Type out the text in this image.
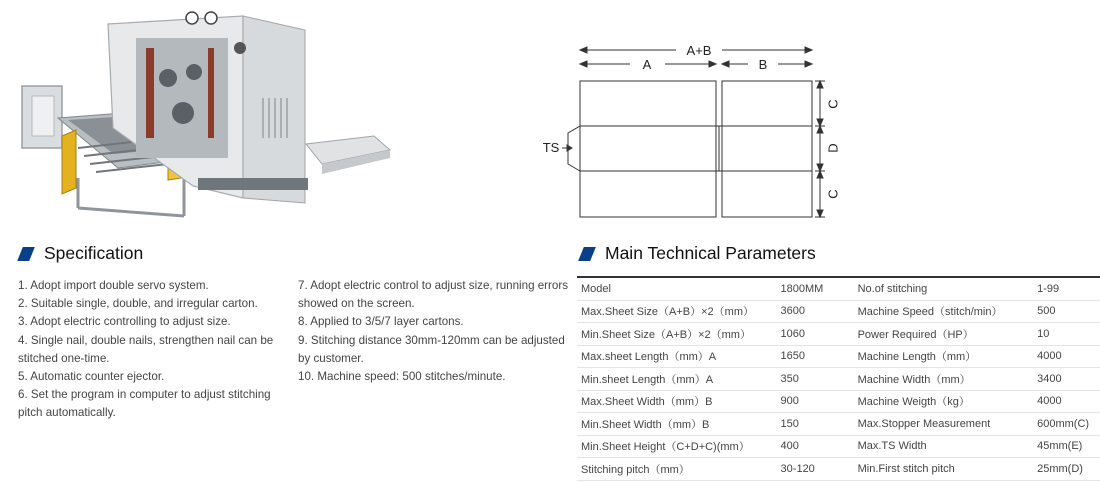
A+B
A	B
TS
C
D
C
Specification	Main Technical Parameters
1. Adopt import double servo system.
2. Suitable single, double, and irregular carton.
3. Adopt electric controlling to adjust size.
4. Single nail, double nails, strengthen nail can be
stitched one-time.
5. Automatic counter ejector.
6. Set the program in computer to adjust stitching
pitch automatically.
7. Adopt electric control to adjust size, running errors
showed on the screen.
8. Applied to 3/5/7 layer cartons.
9. Stitching distance 30mm-120mm can be adjusted
by customer.
10. Machine speed: 500 stitches/minute.
Model	1800MM	No.of stitching	1-99
Max.Sheet Size（A+B）×2（mm）	3600	Machine Speed（stitch/min）	500
Min.Sheet Size（A+B）×2（mm）	1060	Power Required（HP）	10
Max.sheet Length（mm）A	1650	Machine Length（mm）	4000
Min.sheet Length（mm）A	350	Machine Width（mm）	3400
Max.Sheet Width（mm）B	900	Machine Weigth（kg）	4000
Min.Sheet Width（mm）B	150	Max.Stopper Measurement	600mm(C)
Min.Sheet Height（C+D+C)(mm）	400	Max.TS Width	45mm(E)
Stitching pitch（mm）	30-120	Min.First stitch pitch	25mm(D)
